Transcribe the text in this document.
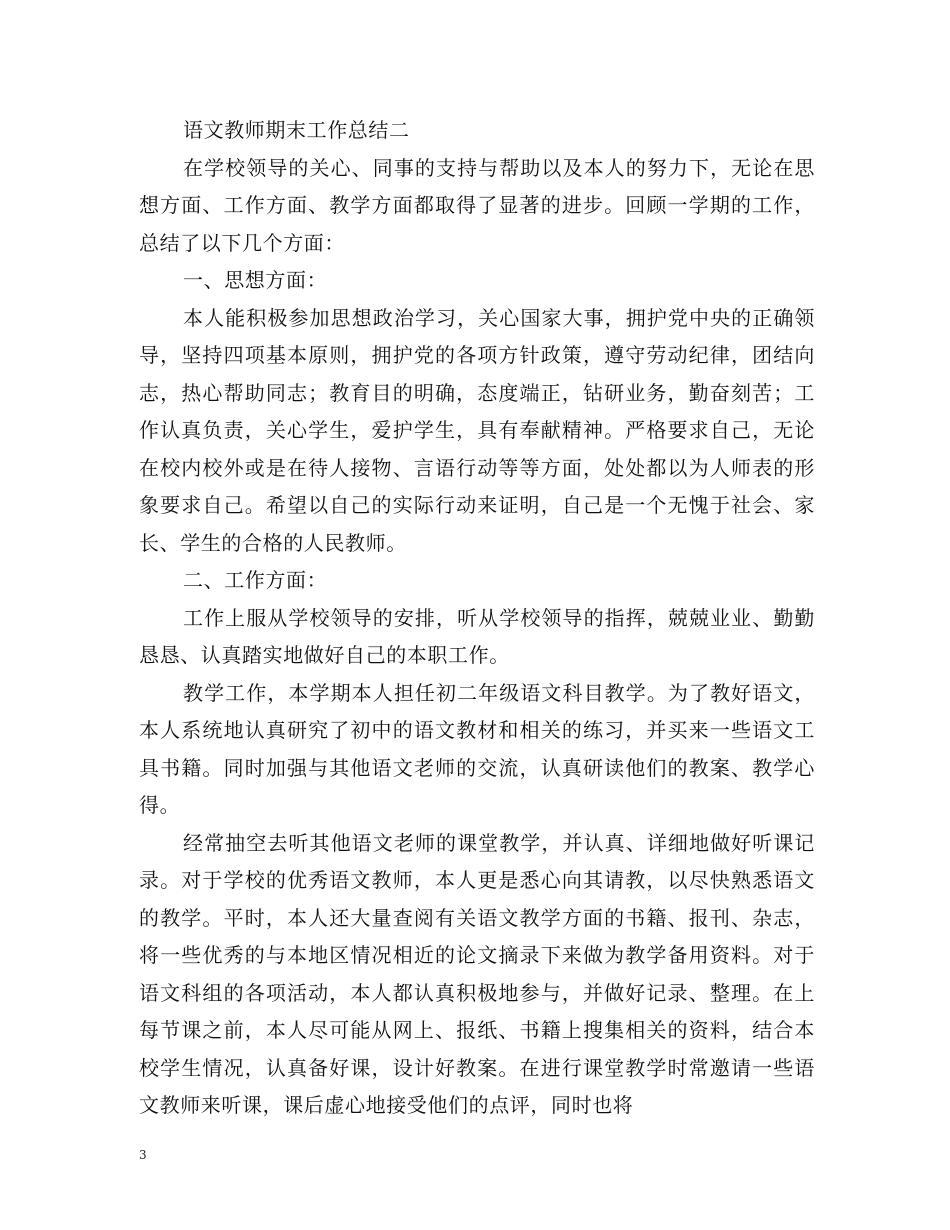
语文教师期末工作总结二

在学校领导的关心、同事的支持与帮助以及本人的努力下，无论在思想方面、工作方面、教学方面都取得了显著的进步。回顾一学期的工作，总结了以下几个方面：

一、思想方面：

本人能积极参加思想政治学习，关心国家大事，拥护党中央的正确领导，坚持四项基本原则，拥护党的各项方针政策，遵守劳动纪律，团结向志，热心帮助同志；教育目的明确，态度端正，钻研业务，勤奋刻苦；工作认真负责，关心学生，爱护学生，具有奉献精神。严格要求自己，无论在校内校外或是在待人接物、言语行动等等方面，处处都以为人师表的形象要求自己。希望以自己的实际行动来证明，自己是一个无愧于社会、家长、学生的合格的人民教师。

二、工作方面：

工作上服从学校领导的安排，听从学校领导的指挥，兢兢业业、勤勤恳恳、认真踏实地做好自己的本职工作。

教学工作，本学期本人担任初二年级语文科目教学。为了教好语文，本人系统地认真研究了初中的语文教材和相关的练习，并买来一些语文工具书籍。同时加强与其他语文老师的交流，认真研读他们的教案、教学心得。

经常抽空去听其他语文老师的课堂教学，并认真、详细地做好听课记录。对于学校的优秀语文教师，本人更是悉心向其请教，以尽快熟悉语文的教学。平时，本人还大量查阅有关语文教学方面的书籍、报刊、杂志，将一些优秀的与本地区情况相近的论文摘录下来做为教学备用资料。对于语文科组的各项活动，本人都认真积极地参与，并做好记录、整理。在上每节课之前，本人尽可能从网上、报纸、书籍上搜集相关的资料，结合本校学生情况，认真备好课，设计好教案。在进行课堂教学时常邀请一些语文教师来听课，课后虚心地接受他们的点评，同时也将

3
